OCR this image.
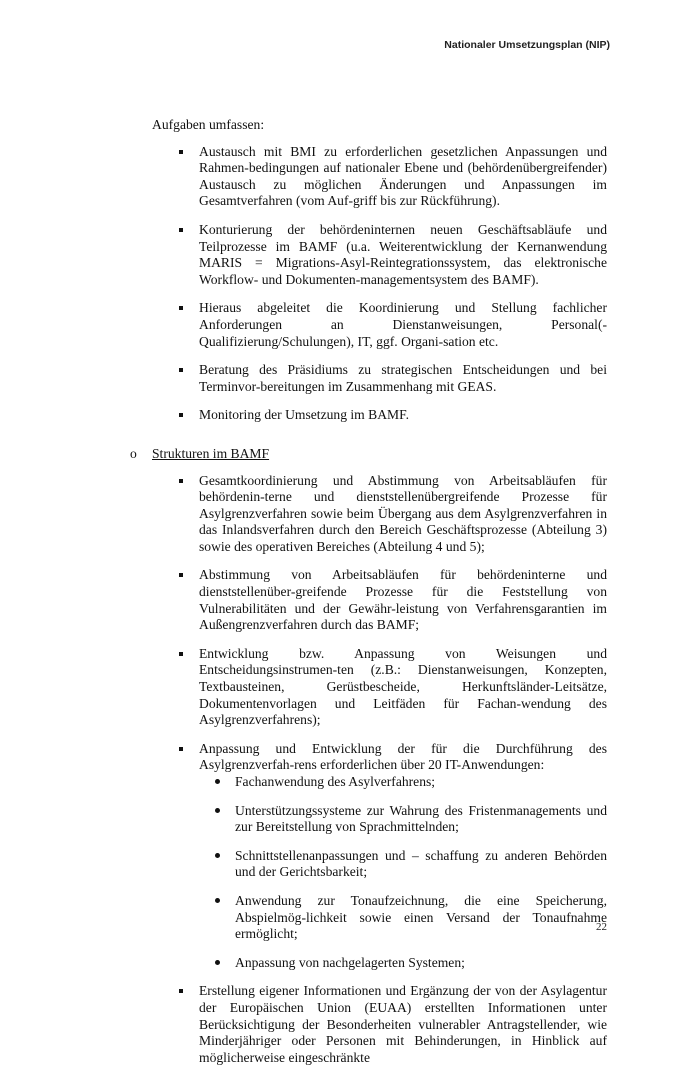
Nationaler Umsetzungsplan (NIP)
Aufgaben umfassen:
Austausch mit BMI zu erforderlichen gesetzlichen Anpassungen und Rahmen-bedingungen auf nationaler Ebene und (behördenübergreifender) Austausch zu möglichen Änderungen und Anpassungen im Gesamtverfahren (vom Auf-griff bis zur Rückführung).
Konturierung der behördeninternen neuen Geschäftsabläufe und Teilprozesse im BAMF (u.a. Weiterentwicklung der Kernanwendung MARIS = Migrations-Asyl-Reintegrationssystem, das elektronische Workflow- und Dokumenten-managementsystem des BAMF).
Hieraus abgeleitet die Koordinierung und Stellung fachlicher Anforderungen an Dienstanweisungen, Personal(-Qualifizierung/Schulungen), IT, ggf. Organi-sation etc.
Beratung des Präsidiums zu strategischen Entscheidungen und bei Terminvor-bereitungen im Zusammenhang mit GEAS.
Monitoring der Umsetzung im BAMF.
o Strukturen im BAMF
Gesamtkoordinierung und Abstimmung von Arbeitsabläufen für behördenin-terne und dienststellenübergreifende Prozesse für Asylgrenzverfahren sowie beim Übergang aus dem Asylgrenzverfahren in das Inlandsverfahren durch den Bereich Geschäftsprozesse (Abteilung 3) sowie des operativen Bereiches (Abteilung 4 und 5);
Abstimmung von Arbeitsabläufen für behördeninterne und dienststellenüber-greifende Prozesse für die Feststellung von Vulnerabilitäten und der Gewähr-leistung von Verfahrensgarantien im Außengrenzverfahren durch das BAMF;
Entwicklung bzw. Anpassung von Weisungen und Entscheidungsinstrumen-ten (z.B.: Dienstanweisungen, Konzepten, Textbausteinen, Gerüstbescheide, Herkunftsländer-Leitsätze, Dokumentenvorlagen und Leitfäden für Fachan-wendung des Asylgrenzverfahrens);
Anpassung und Entwicklung der für die Durchführung des Asylgrenzverfah-rens erforderlichen über 20 IT-Anwendungen:
Fachanwendung des Asylverfahrens;
Unterstützungssysteme zur Wahrung des Fristenmanagements und zur Bereitstellung von Sprachmittelnden;
Schnittstellenanpassungen und – schaffung zu anderen Behörden und der Gerichtsbarkeit;
Anwendung zur Tonaufzeichnung, die eine Speicherung, Abspielmög-lichkeit sowie einen Versand der Tonaufnahme ermöglicht;
Anpassung von nachgelagerten Systemen;
Erstellung eigener Informationen und Ergänzung der von der Asylagentur der Europäischen Union (EUAA) erstellten Informationen unter Berücksichtigung der Besonderheiten vulnerabler Antragstellender, wie Minderjähriger oder Personen mit Behinderungen, in Hinblick auf möglicherweise eingeschränkte
22
